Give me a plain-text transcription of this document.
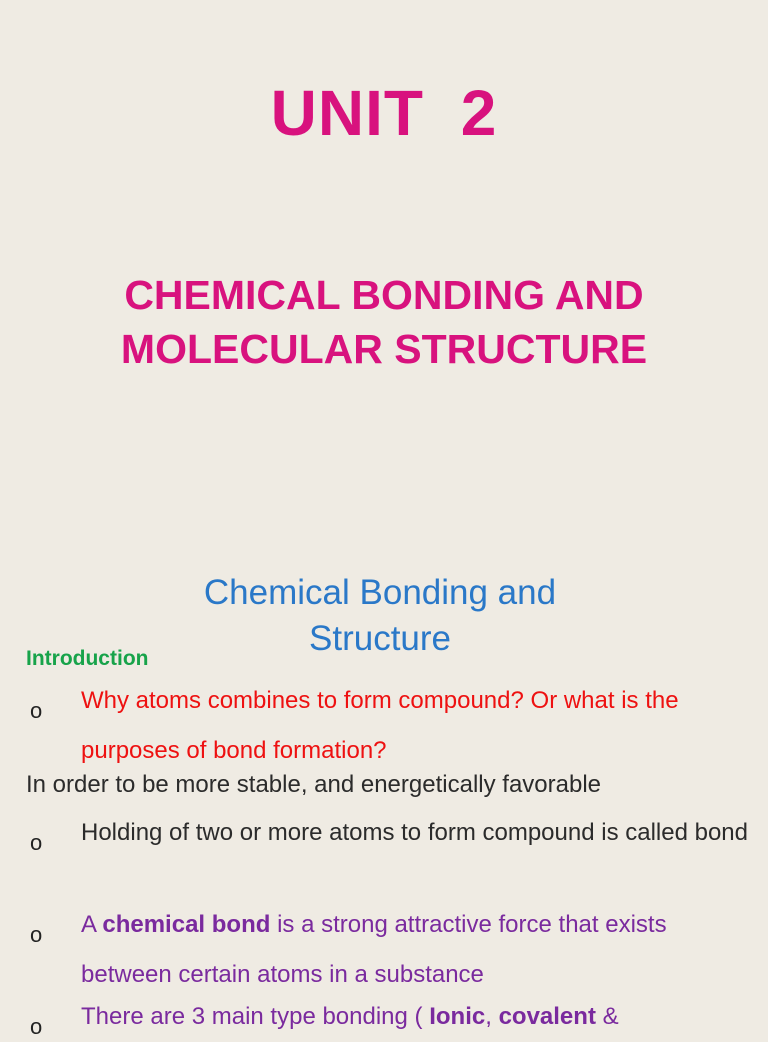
UNIT 2
CHEMICAL BONDING AND
MOLECULAR STRUCTURE
Chemical Bonding and
Structure
Introduction
o Why atoms combines to form compound? Or what is the purposes of bond formation?
In order to be more stable, and energetically favorable
o Holding of two or more atoms to form compound is called bond
o A chemical bond is a strong attractive force that exists between certain atoms in a substance
o There are 3 main type bonding ( Ionic, covalent &
